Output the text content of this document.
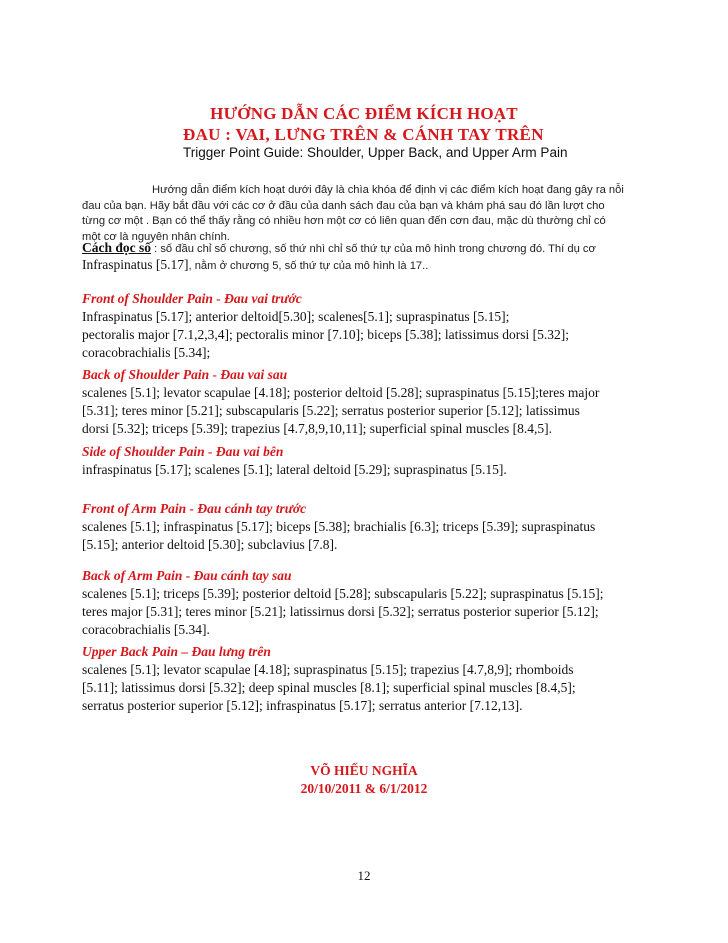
HƯỚNG DẪN CÁC ĐIỂM KÍCH HOẠT
ĐAU : VAI, LƯNG TRÊN & CÁNH TAY TRÊN
Trigger Point Guide: Shoulder, Upper Back, and Upper Arm Pain
Hướng dẫn điểm kích hoạt dưới đây là chìa khóa để định vị các điểm kích hoạt đang gây ra nỗi
đau của bạn. Hãy bắt đầu với các cơ ở đầu của danh sách đau của bạn và khám phá sau đó lần lượt cho
từng cơ một . Bạn có thể thấy rằng có nhiều hơn một cơ có liên quan đến cơn đau, mặc dù thường chỉ có
một cơ là nguyên nhân chính.
Cách đọc số : số đầu chỉ số chương, số thứ nhì chỉ số thứ tự của mô hình trong chương đó. Thí dụ cơ
Infraspinatus [5.17], nằm ở chương 5, số thứ tự của mô hình là 17..
Front of Shoulder Pain - Đau vai trước
Infraspinatus [5.17]; anterior deltoid[5.30]; scalenes[5.1]; supraspinatus [5.15];
pectoralis major [7.1,2,3,4]; pectoralis minor [7.10]; biceps [5.38]; latissimus dorsi [5.32];
coracobrachialis [5.34];
Back of Shoulder Pain - Đau vai sau
scalenes [5.1]; levator scapulae [4.18]; posterior deltoid [5.28]; supraspinatus [5.15];teres major
[5.31]; teres minor [5.21]; subscapularis [5.22]; serratus posterior superior [5.12]; latissimus
dorsi [5.32]; triceps [5.39]; trapezius [4.7,8,9,10,11]; superficial spinal muscles [8.4,5].
Side of Shoulder Pain - Đau vai bên
infraspinatus [5.17]; scalenes [5.1]; lateral deltoid [5.29]; supraspinatus [5.15].
Front of Arm Pain - Đau cánh tay trước
scalenes [5.1]; infraspinatus [5.17]; biceps [5.38]; brachialis [6.3]; triceps [5.39]; supraspinatus
[5.15]; anterior deltoid [5.30]; subclavius [7.8].
Back of Arm Pain - Đau cánh tay sau
scalenes [5.1]; triceps [5.39]; posterior deltoid [5.28]; subscapularis [5.22]; supraspinatus [5.15];
teres major [5.31]; teres minor [5.21]; latissirnus dorsi [5.32]; serratus posterior superior [5.12];
coracobrachialis [5.34].
Upper Back Pain – Đau lưng trên
scalenes [5.1]; levator scapulae [4.18]; supraspinatus [5.15]; trapezius [4.7,8,9]; rhomboids
[5.11]; latissimus dorsi [5.32]; deep spinal muscles [8.1]; superficial spinal muscles [8.4,5];
serratus posterior superior [5.12]; infraspinatus [5.17]; serratus anterior [7.12,13].
VÕ HIẾU NGHĨA
20/10/2011 & 6/1/2012
12
